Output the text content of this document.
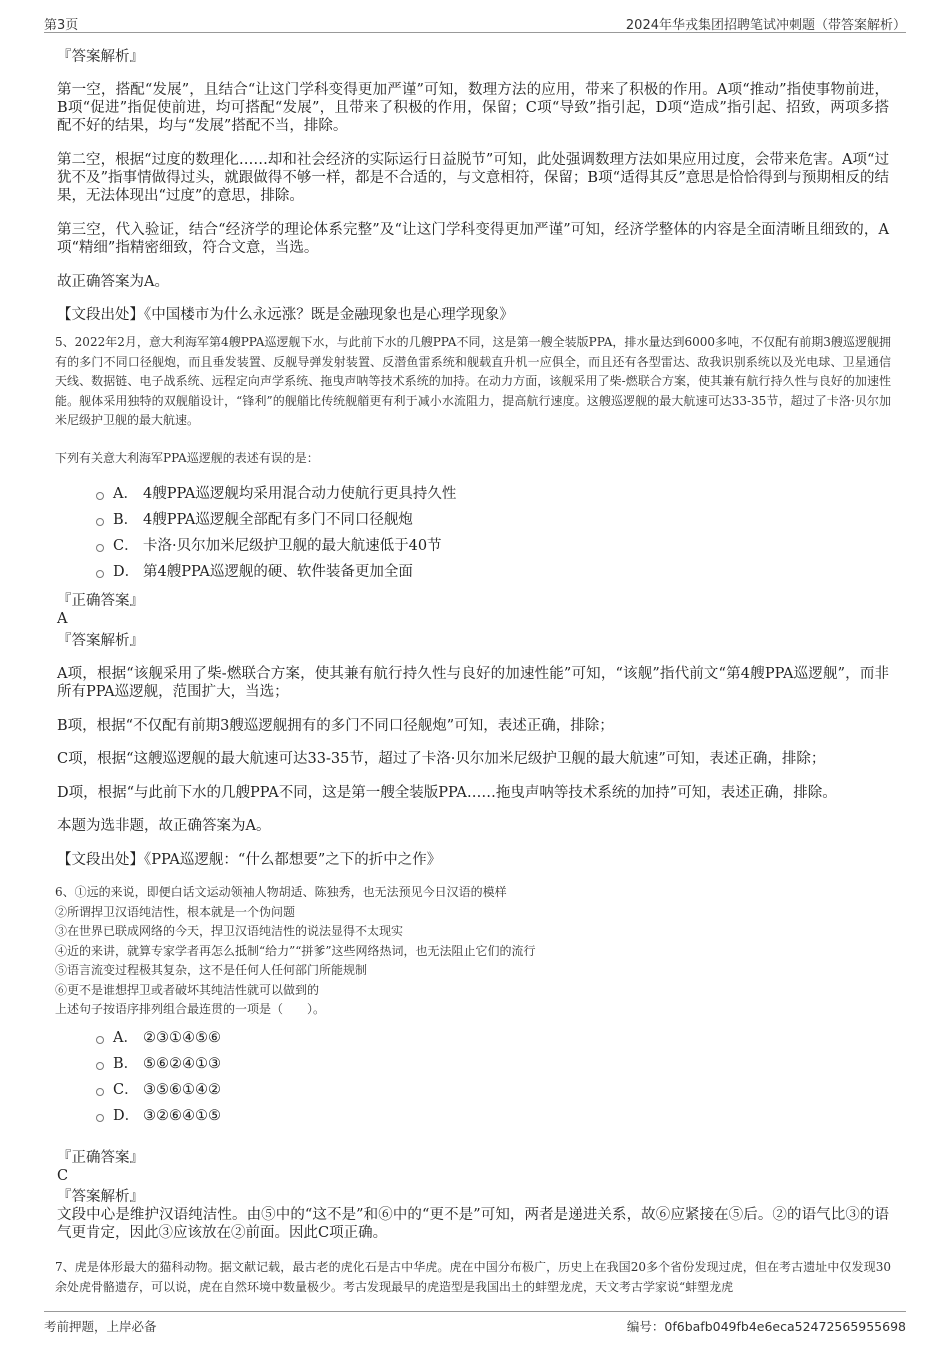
第3页	2024年华戎集团招聘笔试冲刺题（带答案解析）
『答案解析』
第一空，搭配“发展”，且结合“让这门学科变得更加严谨”可知，数理方法的应用，带来了积极的作用。A项“推动”指使事物前进，B项“促进”指促使前进，均可搭配“发展”，且带来了积极的作用，保留；C项“导致”指引起，D项“造成”指引起、招致，两项多搭配不好的结果，均与“发展”搭配不当，排除。
第二空，根据“过度的数理化……却和社会经济的实际运行日益脱节”可知，此处强调数理方法如果应用过度，会带来危害。A项“过犹不及”指事情做得过头，就跟做得不够一样，都是不合适的，与文意相符，保留；B项“适得其反”意思是恰恰得到与预期相反的结果，无法体现出“过度”的意思，排除。
第三空，代入验证，结合“经济学的理论体系完整”及“让这门学科变得更加严谨”可知，经济学整体的内容是全面清晰且细致的，A项“精细”指精密细致，符合文意，当选。
故正确答案为A。
【文段出处】《中国楼市为什么永远涨？既是金融现象也是心理学现象》
5、2022年2月，意大利海军第4艘PPA巡逻舰下水，与此前下水的几艘PPA不同，这是第一艘全装版PPA，排水量达到6000多吨，不仅配有前期3艘巡逻舰拥有的多门不同口径舰炮，而且垂发装置、反舰导弹发射装置、反潜鱼雷系统和舰载直升机一应俱全，而且还有各型雷达、敌我识别系统以及光电球、卫星通信天线、数据链、电子战系统、远程定向声学系统、拖曳声呐等技术系统的加持。在动力方面，该舰采用了柴-燃联合方案，使其兼有航行持久性与良好的加速性能。舰体采用独特的双舰艏设计，“锋利”的舰艏比传统舰艏更有利于减小水流阻力，提高航行速度。这艘巡逻舰的最大航速可达33-35节，超过了卡洛·贝尔加米尼级护卫舰的最大航速。
下列有关意大利海军PPA巡逻舰的表述有误的是：
A． 4艘PPA巡逻舰均采用混合动力使航行更具持久性
B． 4艘PPA巡逻舰全部配有多门不同口径舰炮
C． 卡洛·贝尔加米尼级护卫舰的最大航速低于40节
D． 第4艘PPA巡逻舰的硬、软件装备更加全面
『正确答案』
A
『答案解析』
A项，根据“该舰采用了柴-燃联合方案，使其兼有航行持久性与良好的加速性能”可知，“该舰”指代前文“第4艘PPA巡逻舰”，而非所有PPA巡逻舰，范围扩大，当选；
B项，根据“不仅配有前期3艘巡逻舰拥有的多门不同口径舰炮”可知，表述正确，排除；
C项，根据“这艘巡逻舰的最大航速可达33-35节，超过了卡洛·贝尔加米尼级护卫舰的最大航速”可知，表述正确，排除；
D项，根据“与此前下水的几艘PPA不同，这是第一艘全装版PPA……拖曳声呐等技术系统的加持”可知，表述正确，排除。
本题为选非题，故正确答案为A。
【文段出处】《PPA巡逻舰：“什么都想要”之下的折中之作》
6、①远的来说，即便白话文运动领袖人物胡适、陈独秀，也无法预见今日汉语的模样
②所谓捍卫汉语纯洁性，根本就是一个伪问题
③在世界已联成网络的今天，捍卫汉语纯洁性的说法显得不太现实
④近的来讲，就算专家学者再怎么抵制“给力”“拼爹”这些网络热词，也无法阻止它们的流行
⑤语言流变过程极其复杂，这不是任何人任何部门所能规制
⑥更不是谁想捍卫或者破坏其纯洁性就可以做到的
上述句子按语序排列组合最连贯的一项是（　　）。
A． ②③①④⑤⑥
B． ⑤⑥②④①③
C． ③⑤⑥①④②
D． ③②⑥④①⑤
『正确答案』
C
『答案解析』
文段中心是维护汉语纯洁性。由⑤中的“这不是”和⑥中的“更不是”可知，两者是递进关系，故⑥应紧接在⑤后。②的语气比③的语气更肯定，因此③应该放在②前面。因此C项正确。
7、虎是体形最大的猫科动物。据文献记载，最古老的虎化石是古中华虎。虎在中国分布极广，历史上在我国20多个省份发现过虎，但在考古遗址中仅发现30余处虎骨骼遗存，可以说，虎在自然环境中数量极少。考古发现最早的虎造型是我国出土的蚌塑龙虎，天文考古学家说“蚌塑龙虎
考前押题，上岸必备	编号：0f6bafb049fb4e6eca52472565955698
